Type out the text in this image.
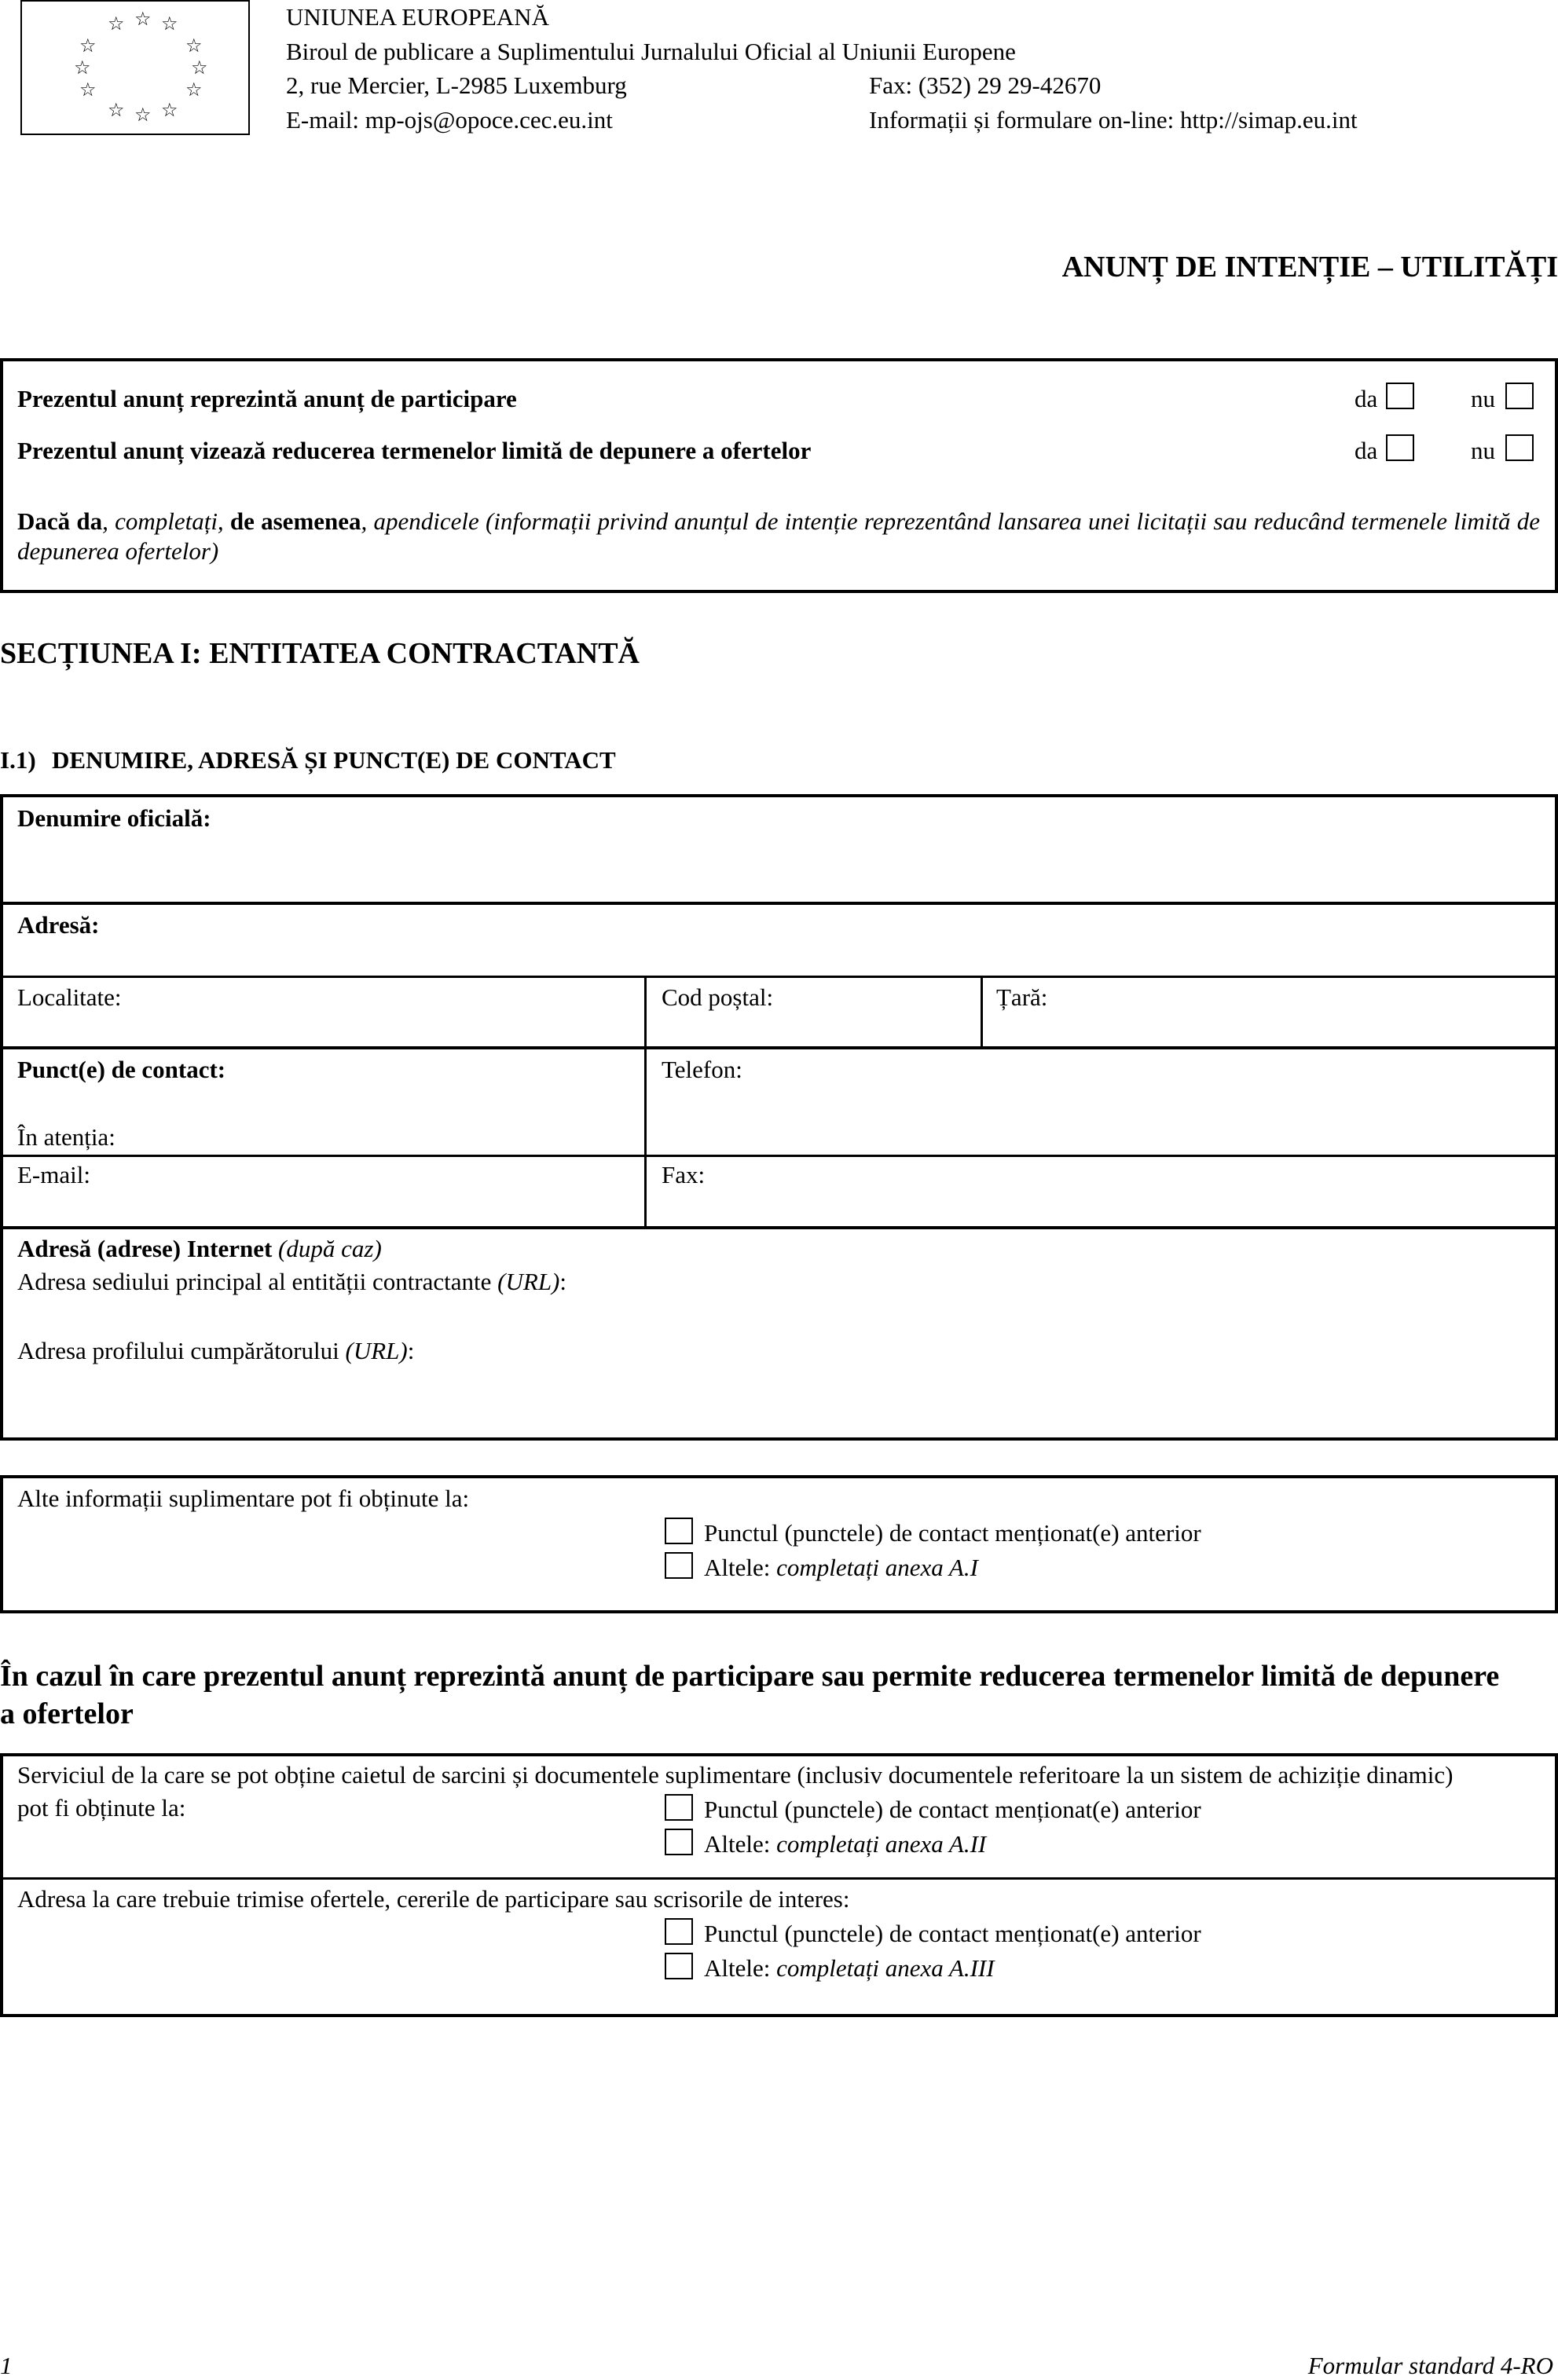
☆ ☆ ☆
☆	☆
☆	☆
☆	☆
☆ ☆ ☆
UNIUNEA EUROPEANĂ
Biroul de publicare a Suplimentului Jurnalului Oficial al Uniunii Europene
2, rue Mercier, L-2985 Luxemburg	Fax: (352) 29 29-42670
E-mail: mp-ojs@opoce.cec.eu.int	Informații și formulare on-line: http://simap.eu.int
ANUNȚ DE INTENȚIE – UTILITĂȚI
Prezentul anunț reprezintă anunț de participare	da	nu
Prezentul anunț vizează reducerea termenelor limită de depunere a ofertelor	da	nu
Dacă da, completați, de asemenea, apendicele (informații privind anunțul de intenție reprezentând lansarea unei licitații sau reducând termenele limită de
depunerea ofertelor)
SECȚIUNEA I: ENTITATEA CONTRACTANTĂ
I.1) DENUMIRE, ADRESĂ ȘI PUNCT(E) DE CONTACT
Denumire oficială:
Adresă:
Localitate:	Cod poștal:	Țară:
Punct(e) de contact:	Telefon:
În atenția:
E-mail:	Fax:
Adresă (adrese) Internet (după caz)
Adresa sediului principal al entității contractante (URL):
Adresa profilului cumpărătorului (URL):
Alte informații suplimentare pot fi obținute la:
Punctul (punctele) de contact menționat(e) anterior
Altele: completați anexa A.I
În cazul în care prezentul anunț reprezintă anunț de participare sau permite reducerea termenelor limită de depunere
a ofertelor
Serviciul de la care se pot obține caietul de sarcini și documentele suplimentare (inclusiv documentele referitoare la un sistem de achiziție dinamic)
pot fi obținute la:	Punctul (punctele) de contact menționat(e) anterior
Altele: completați anexa A.II
Adresa la care trebuie trimise ofertele, cererile de participare sau scrisorile de interes:
Punctul (punctele) de contact menționat(e) anterior
Altele: completați anexa A.III
1	Formular standard 4-RO
